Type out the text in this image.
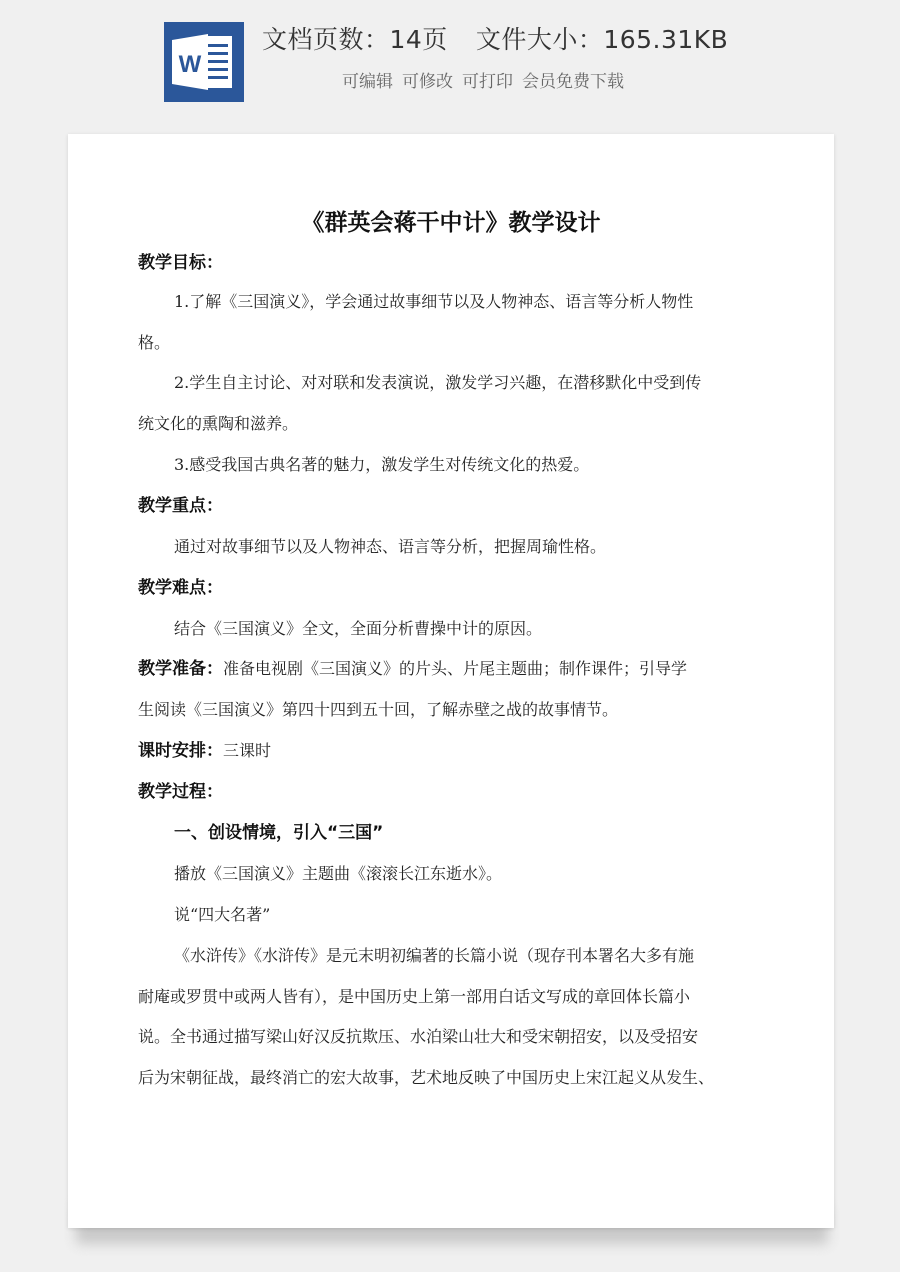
W
文档页数：14页 文件大小：165.31KB
可编辑 可修改 可打印 会员免费下载
《群英会蒋干中计》教学设计
教学目标：
1.了解《三国演义》，学会通过故事细节以及人物神态、语言等分析人物性
格。
2.学生自主讨论、对对联和发表演说，激发学习兴趣，在潜移默化中受到传
统文化的熏陶和滋养。
3.感受我国古典名著的魅力，激发学生对传统文化的热爱。
教学重点：
通过对故事细节以及人物神态、语言等分析，把握周瑜性格。
教学难点：
结合《三国演义》全文，全面分析曹操中计的原因。
教学准备：准备电视剧《三国演义》的片头、片尾主题曲；制作课件；引导学
生阅读《三国演义》第四十四到五十回，了解赤壁之战的故事情节。
课时安排：三课时
教学过程：
一、创设情境，引入“三国”
播放《三国演义》主题曲《滚滚长江东逝水》。
说“四大名著”
《水浒传》《水浒传》是元末明初编著的长篇小说（现存刊本署名大多有施
耐庵或罗贯中或两人皆有），是中国历史上第一部用白话文写成的章回体长篇小
说。全书通过描写梁山好汉反抗欺压、水泊梁山壮大和受宋朝招安，以及受招安
后为宋朝征战，最终消亡的宏大故事，艺术地反映了中国历史上宋江起义从发生、
